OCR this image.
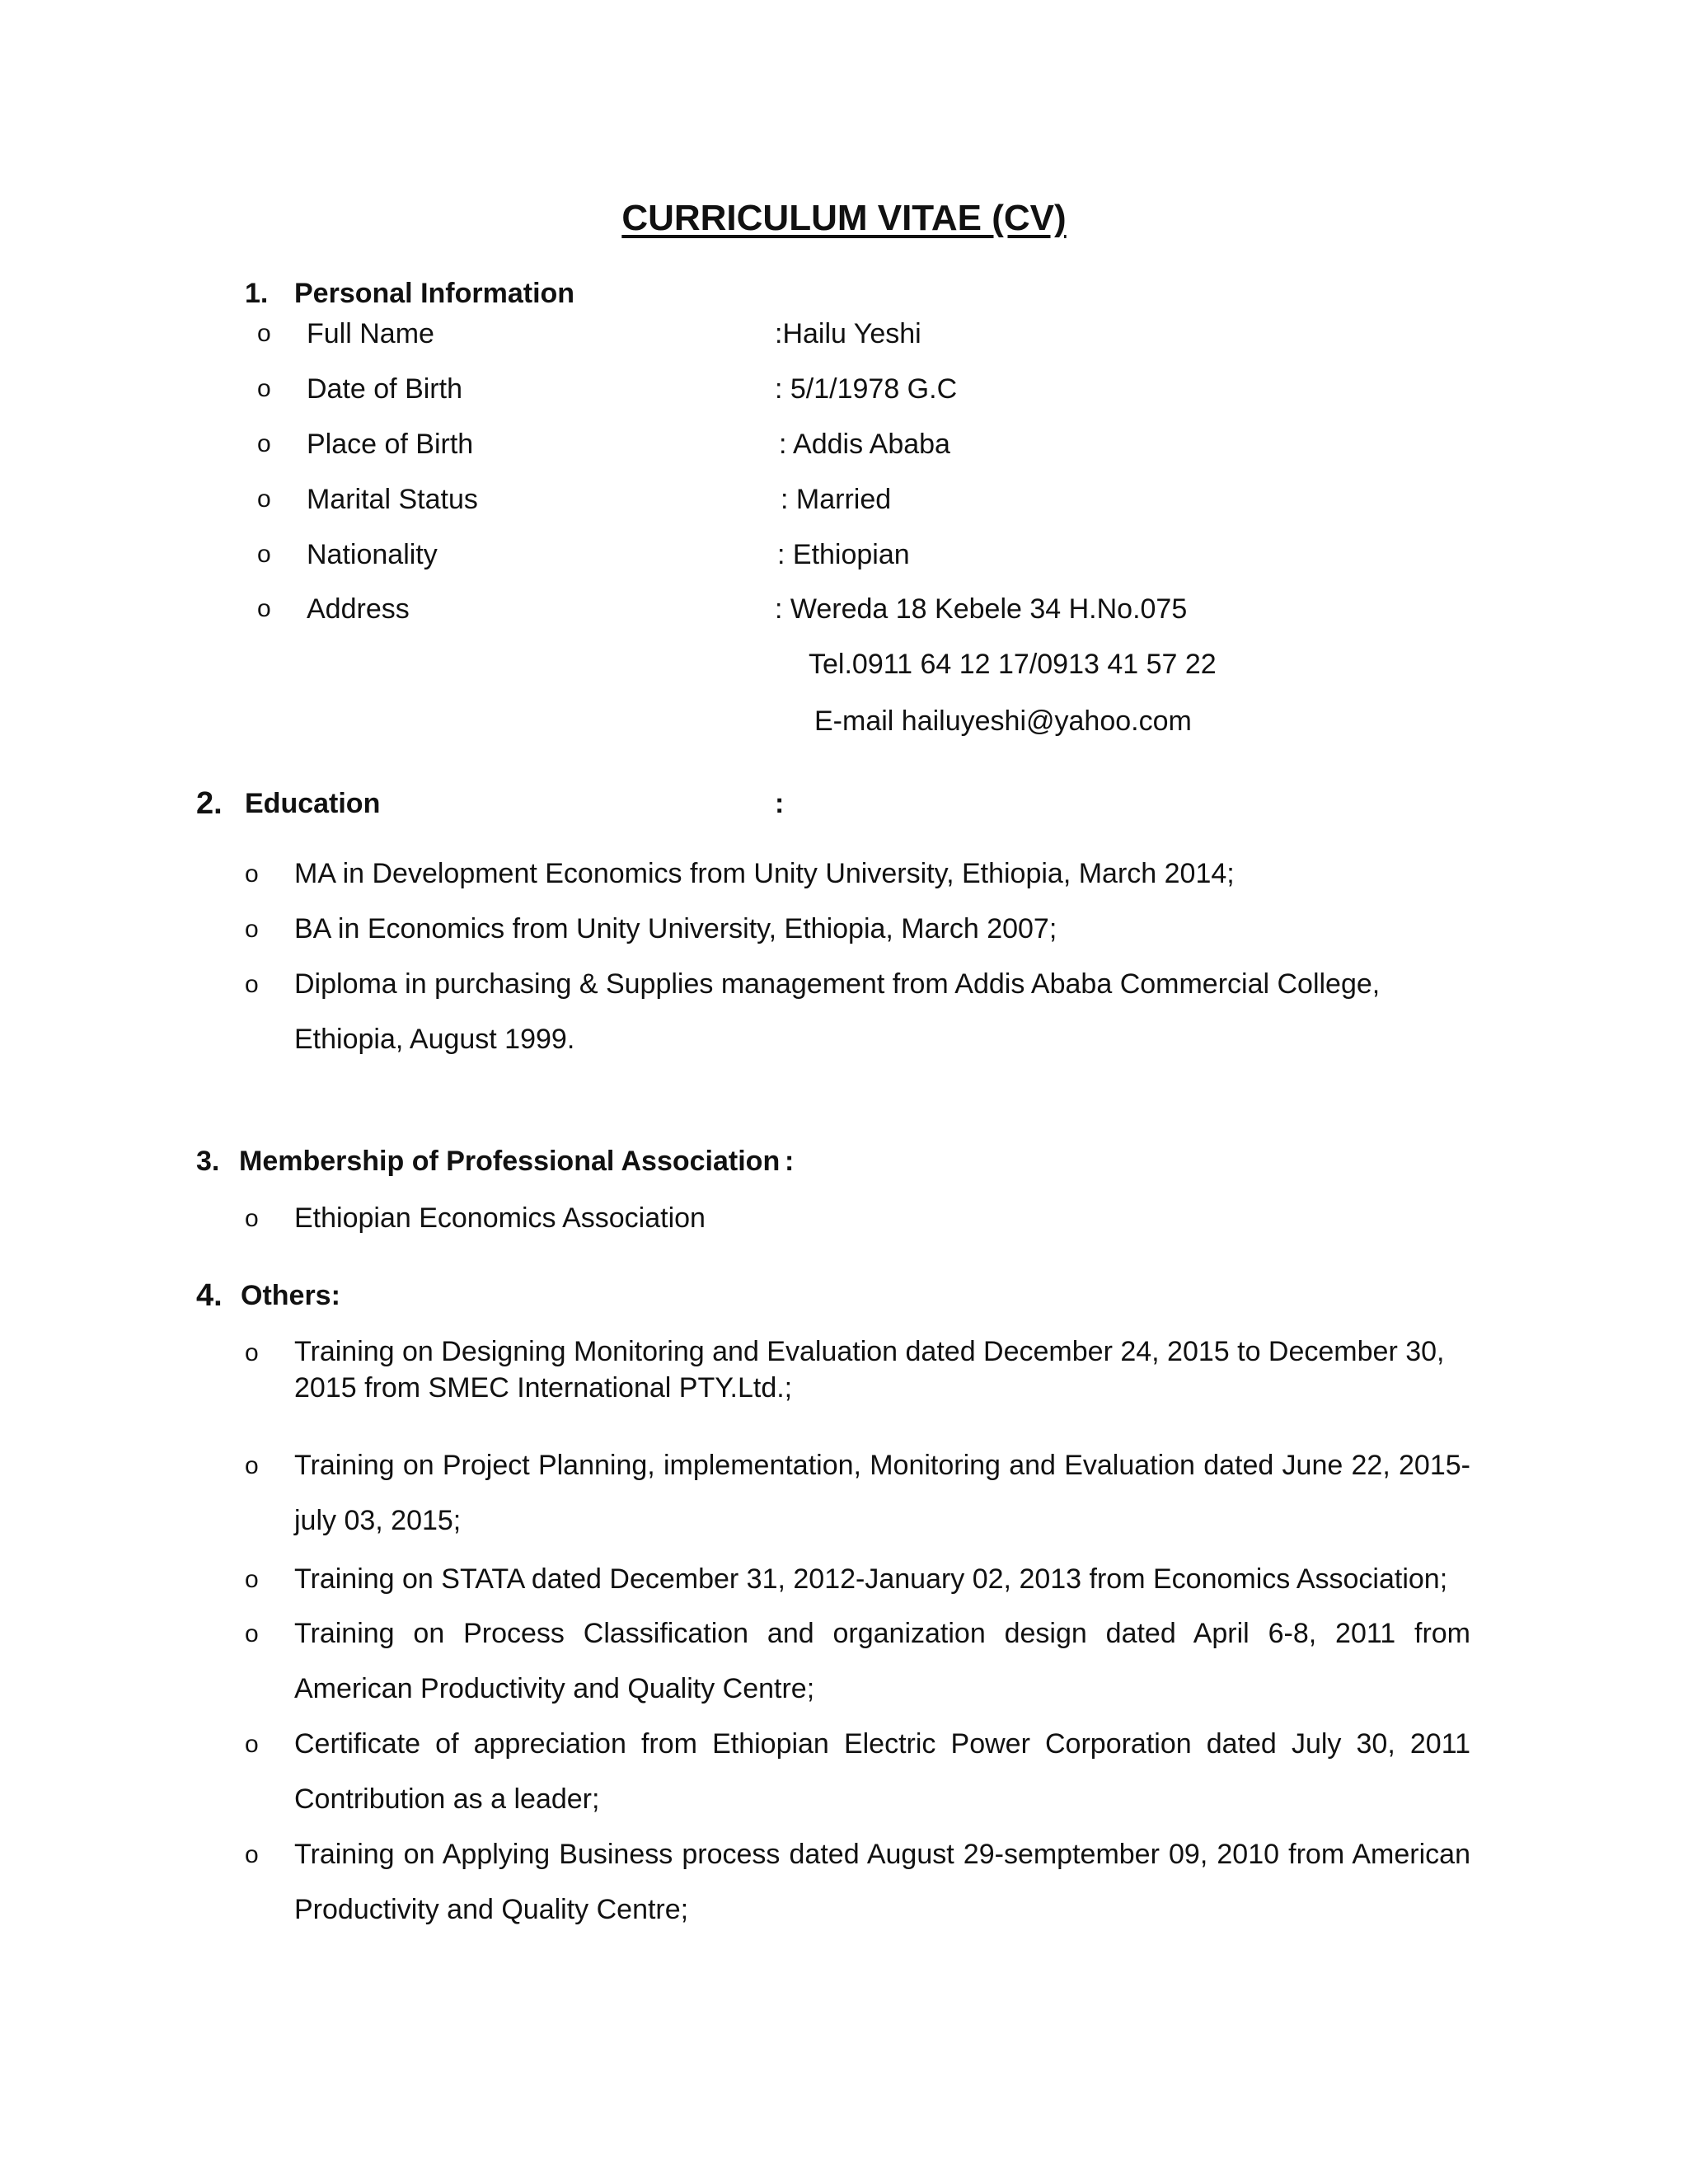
CURRICULUM VITAE (CV)
1. Personal Information
o Full Name	:Hailu Yeshi
o Date of Birth	: 5/1/1978 G.C
o Place of Birth	: Addis Ababa
o Marital Status	: Married
o Nationality	: Ethiopian
o Address	: Wereda 18 Kebele 34 H.No.075
Tel.0911 64 12 17/0913 41 57 22
E-mail hailuyeshi@yahoo.com
2. Education	:
o MA in Development Economics from Unity University, Ethiopia, March 2014;
o BA in Economics from Unity University, Ethiopia, March 2007;
o Diploma in purchasing & Supplies management from Addis Ababa Commercial College, Ethiopia, August 1999.
3. Membership of Professional Association :
o Ethiopian Economics Association
4. Others:
o Training on Designing Monitoring and Evaluation dated December 24, 2015 to December 30, 2015 from SMEC International PTY.Ltd.;
o Training on Project Planning, implementation, Monitoring and Evaluation dated June 22, 2015-july 03, 2015;
o Training on STATA dated December 31, 2012-January 02, 2013 from Economics Association;
o Training on Process Classification and organization design dated April 6-8, 2011 from American Productivity and Quality Centre;
o Certificate of appreciation from Ethiopian Electric Power Corporation dated July 30, 2011 Contribution as a leader;
o Training on Applying Business process dated August 29-semptember 09, 2010 from American Productivity and Quality Centre;
